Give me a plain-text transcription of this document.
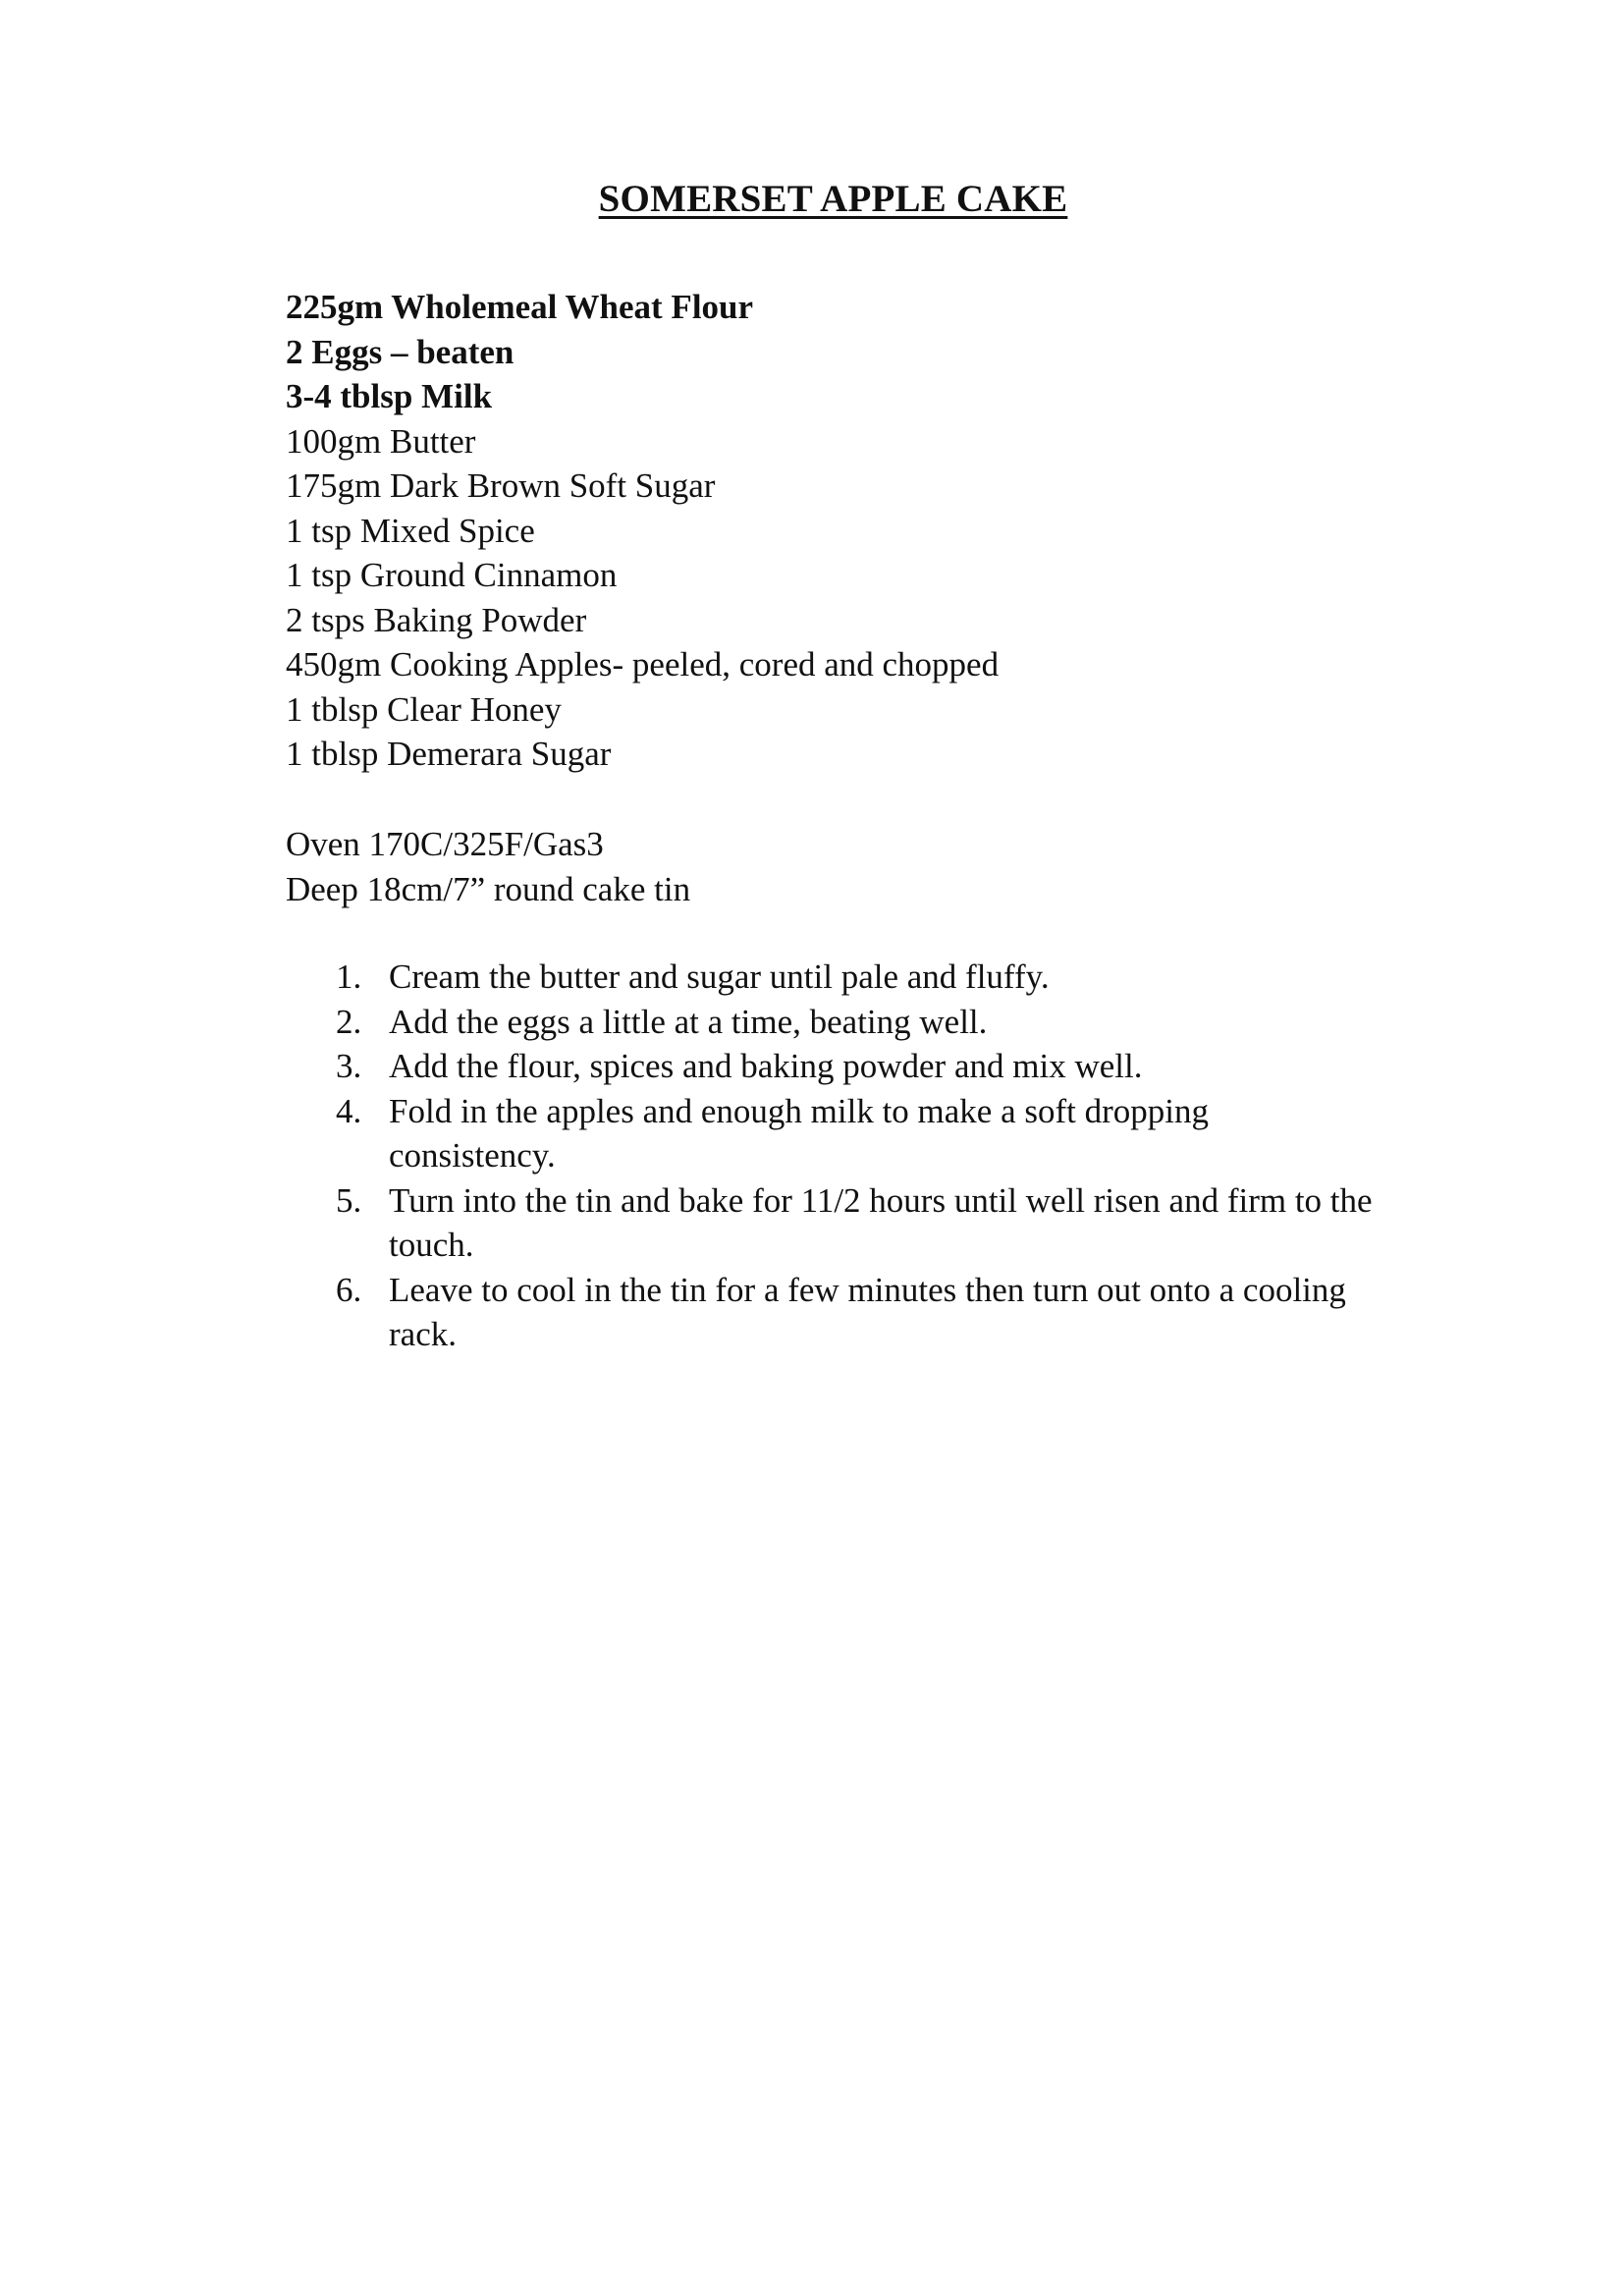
SOMERSET APPLE CAKE
225gm Wholemeal Wheat Flour
2 Eggs – beaten
3-4 tblsp Milk
100gm Butter
175gm Dark Brown Soft Sugar
1 tsp Mixed Spice
1 tsp Ground Cinnamon
2 tsps Baking Powder
450gm Cooking Apples- peeled, cored and chopped
1 tblsp Clear Honey
1 tblsp Demerara Sugar
Oven 170C/325F/Gas3
Deep 18cm/7” round cake tin
1. Cream the butter and sugar until pale and fluffy.
2. Add the eggs a little at a time, beating well.
3. Add the flour, spices and baking powder and mix well.
4. Fold in the apples and enough milk to make a soft dropping consistency.
5. Turn into the tin and bake for 11/2 hours until well risen and firm to the touch.
6. Leave to cool in the tin for a few minutes then turn out onto a cooling rack.
